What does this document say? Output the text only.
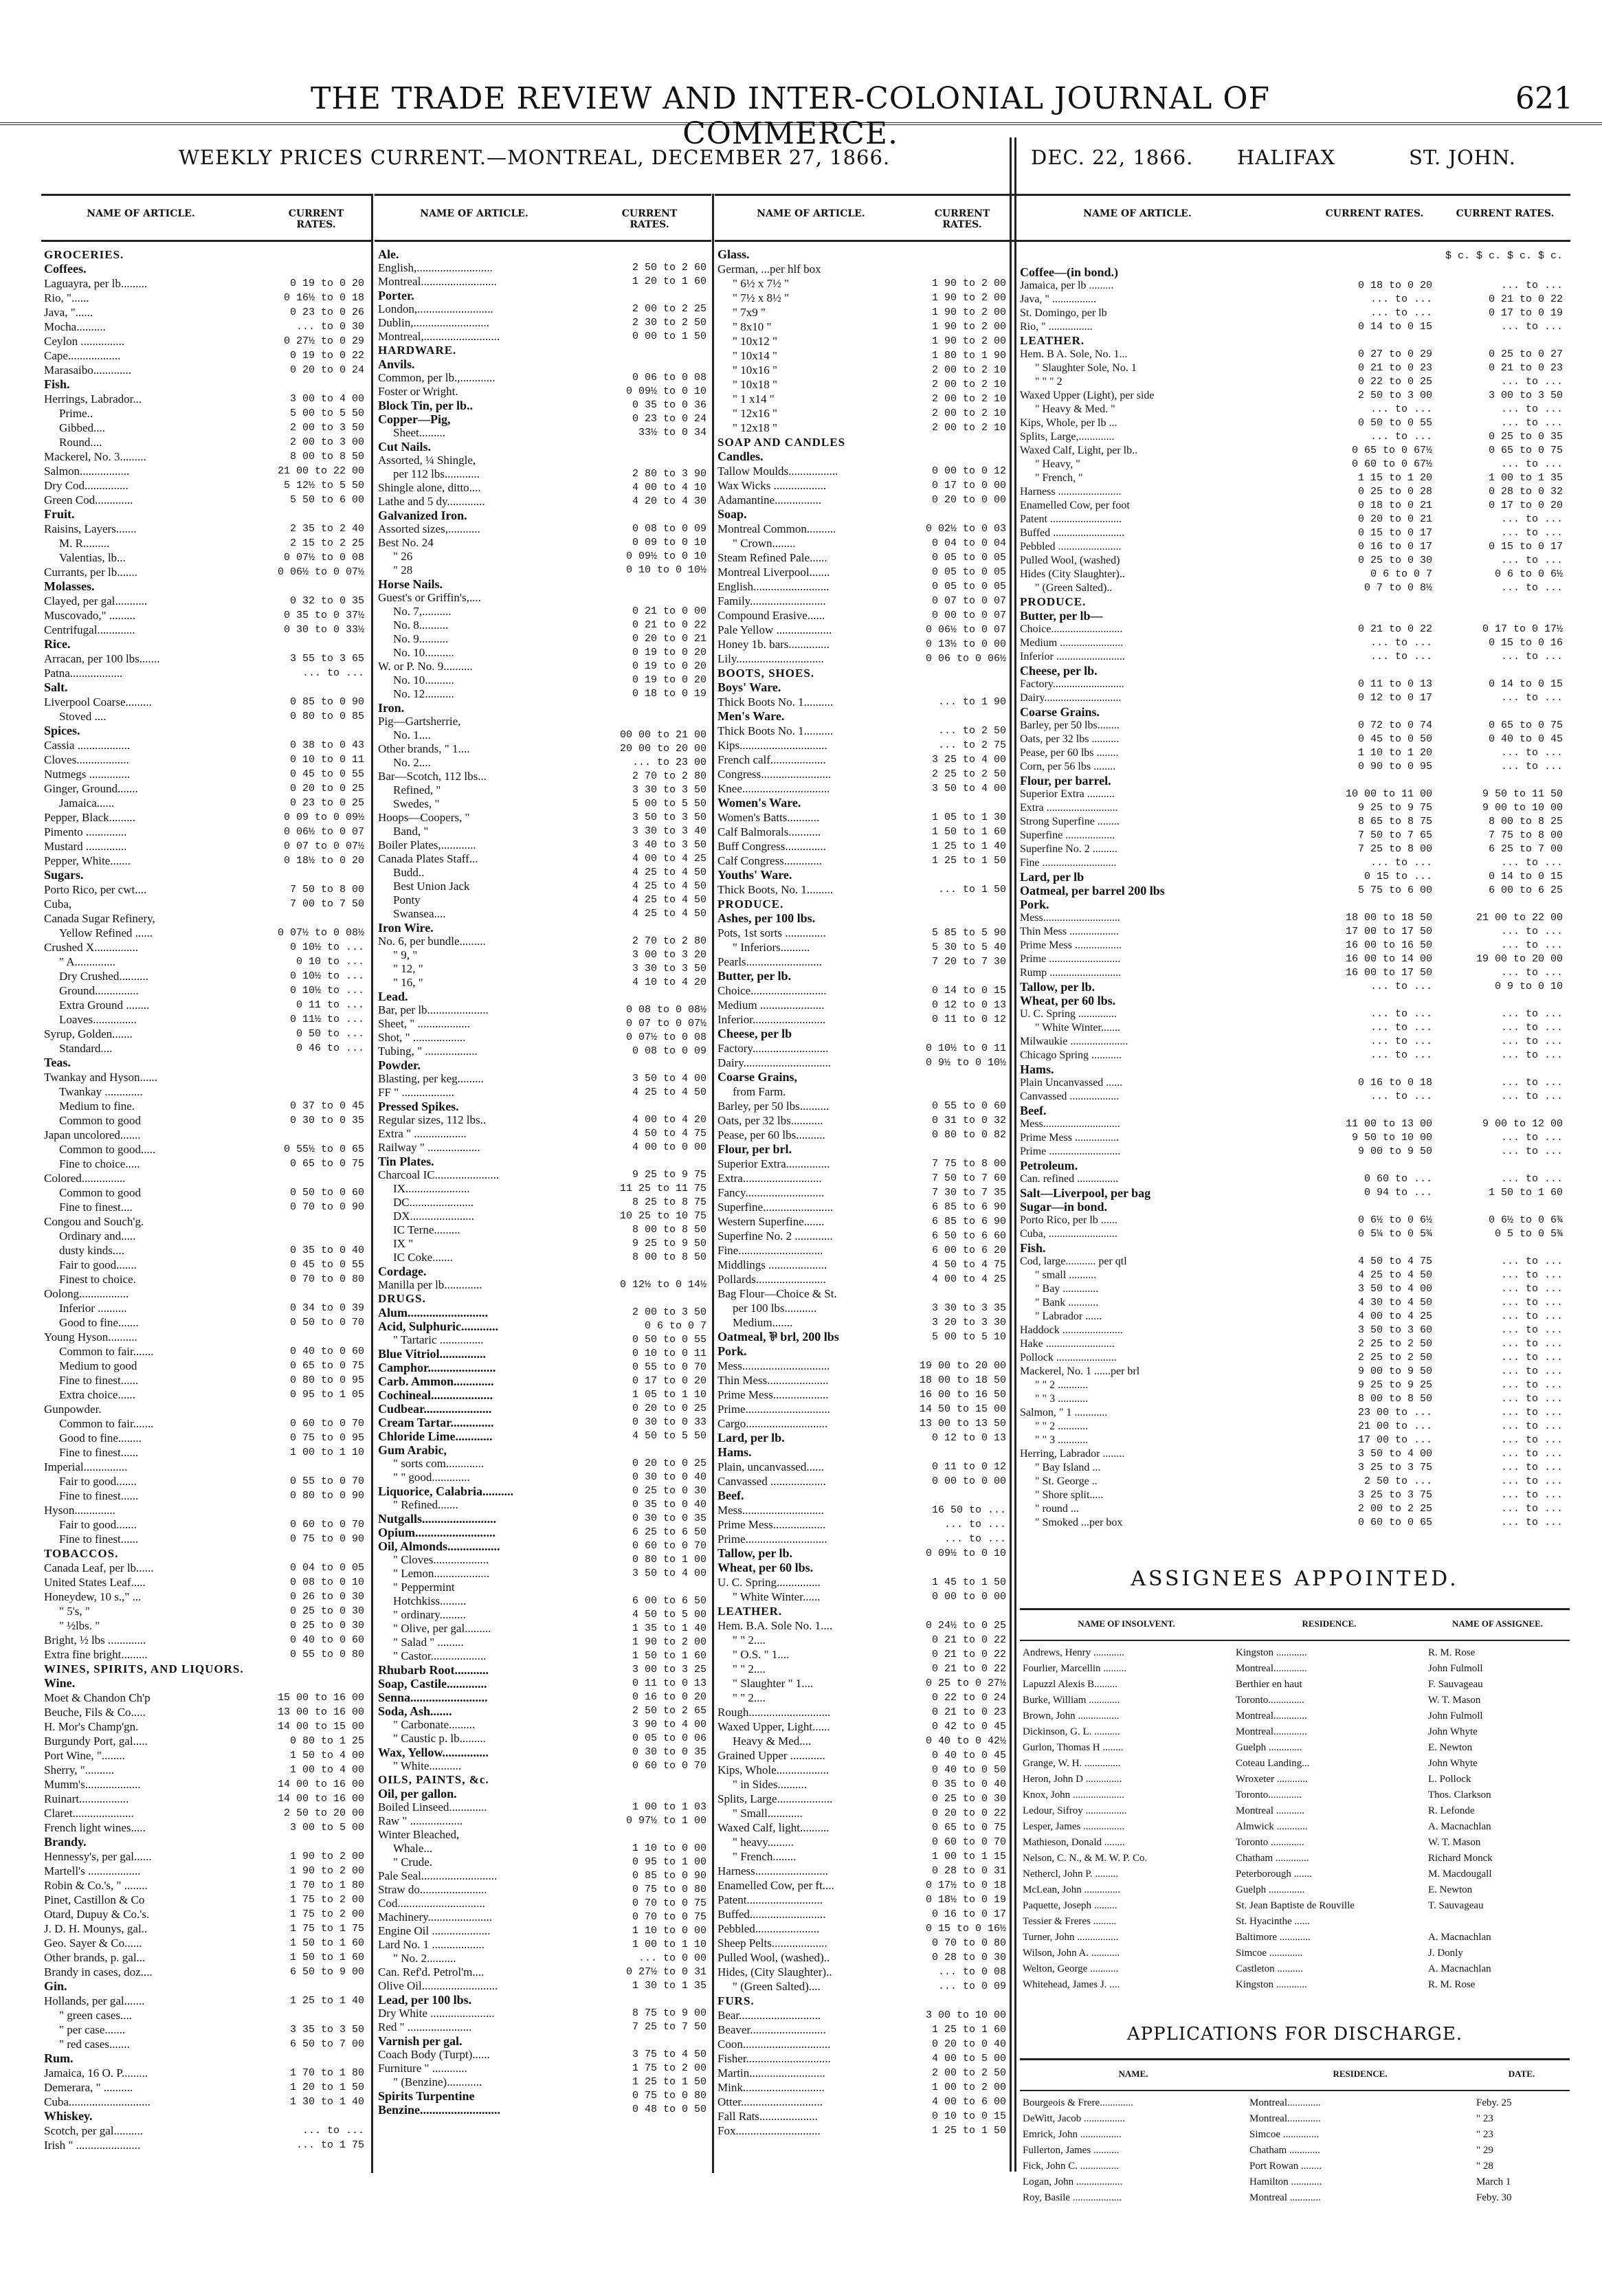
THE TRADE REVIEW AND INTER-COLONIAL JOURNAL OF COMMERCE.
621
WEEKLY PRICES CURRENT.—MONTREAL, DECEMBER 27, 1866.	DEC. 22, 1866. HALIFAX	ST. JOHN.
NAME OF ARTICLE.	CURRENT RATES.
NAME OF ARTICLE.	CURRENT RATES.
NAME OF ARTICLE.	CURRENT RATES.
NAME OF ARTICLE.	CURRENT RATES.	CURRENT RATES.
GROCERIES.
Coffees.
Laguayra, per lb.........	0 19 to 0 20
Rio, "......	0 16½ to 0 18
Java, "......	0 23 to 0 26
Mocha..........	... to 0 30
Ceylon ...............	0 27½ to 0 29
Cape..................	0 19 to 0 22
Marasaibo.............	0 20 to 0 24
Fish.
Herrings, Labrador...	3 00 to 4 00
Prime..	5 00 to 5 50
Gibbed....	2 00 to 3 50
Round....	2 00 to 3 00
Mackerel, No. 3.........	8 00 to 8 50
Salmon.................	21 00 to 22 00
Dry Cod...............	5 12½ to 5 50
Green Cod.............	5 50 to 6 00
Fruit.
Raisins, Layers.......	2 35 to 2 40
M. R.........	2 15 to 2 25
Valentias, lb...	0 07½ to 0 08
Currants, per lb.......	0 06½ to 0 07½
Molasses.
Clayed, per gal...........	0 32 to 0 35
Muscovado," .........	0 35 to 0 37½
Centrifugal.............	0 30 to 0 33½
Rice.
Arracan, per 100 lbs.......	3 55 to 3 65
Patna..................	... to ...
Salt.
Liverpool Coarse.........	0 85 to 0 90
Stoved ....	0 80 to 0 85
Spices.
Cassia ..................	0 38 to 0 43
Cloves..................	0 10 to 0 11
Nutmegs ..............	0 45 to 0 55
Ginger, Ground.......	0 20 to 0 25
Jamaica......	0 23 to 0 25
Pepper, Black.........	0 09 to 0 09½
Pimento ..............	0 06½ to 0 07
Mustard ..............	0 07 to 0 07½
Pepper, White.......	0 18½ to 0 20
Sugars.
Porto Rico, per cwt....	7 50 to 8 00
Cuba,	7 00 to 7 50
Canada Sugar Refinery,
Yellow Refined ......	0 07½ to 0 08½
Crushed X...............	0 10½ to ...
" A..............	0 10 to ...
Dry Crushed..........	0 10½ to ...
Ground...............	0 10½ to ...
Extra Ground ........	0 11 to ...
Loaves...............	0 11½ to ...
Syrup, Golden.......	0 50 to ...
Standard....	0 46 to ...
Teas.
Twankay and Hyson......
Twankay .............
Medium to fine.	0 37 to 0 45
Common to good	0 30 to 0 35
Japan uncolored.......
Common to good.....	0 55½ to 0 65
Fine to choice.....	0 65 to 0 75
Colored...............
Common to good	0 50 to 0 60
Fine to finest....	0 70 to 0 90
Congou and Souch'g.
Ordinary and.....
dusty kinds....	0 35 to 0 40
Fair to good.......	0 45 to 0 55
Finest to choice.	0 70 to 0 80
Oolong.................
Inferior ..........	0 34 to 0 39
Good to fine.......	0 50 to 0 70
Young Hyson..........
Common to fair.......	0 40 to 0 60
Medium to good	0 65 to 0 75
Fine to finest......	0 80 to 0 95
Extra choice......	0 95 to 1 05
Gunpowder.
Common to fair.......	0 60 to 0 70
Good to fine........	0 75 to 0 95
Fine to finest......	1 00 to 1 10
Imperial...............
Fair to good.......	0 55 to 0 70
Fine to finest......	0 80 to 0 90
Hyson..............
Fair to good.......	0 60 to 0 70
Fine to finest......	0 75 to 0 90
TOBACCOS.
Canada Leaf, per lb......	0 04 to 0 05
United States Leaf.....	0 08 to 0 10
Honeydew, 10 s.," ...	0 26 to 0 30
" 5's, "	0 25 to 0 30
" ½lbs. "	0 25 to 0 30
Bright, ½ lbs .............	0 40 to 0 60
Extra fine bright.........	0 55 to 0 80
WINES, SPIRITS, AND LIQUORS.
Wine.
Moet & Chandon Ch'p	15 00 to 16 00
Beuche, Fils & Co.....	13 00 to 16 00
H. Mor's Champ'gn.	14 00 to 15 00
Burgundy Port, gal.....	0 80 to 1 25
Port Wine, "........	1 50 to 4 00
Sherry, "..........	1 00 to 4 00
Mumm's...................	14 00 to 16 00
Ruinart.................	14 00 to 16 00
Claret.....................	2 50 to 20 00
French light wines.....	3 00 to 5 00
Brandy.
Hennessy's, per gal......	1 90 to 2 00
Martell's ..................	1 90 to 2 00
Robin & Co.'s, " ........	1 70 to 1 80
Pinet, Castillon & Co	1 75 to 2 00
Otard, Dupuy & Co.'s.	1 75 to 2 00
J. D. H. Mounys, gal..	1 75 to 1 75
Geo. Sayer & Co......	1 50 to 1 60
Other brands, p. gal...	1 50 to 1 60
Brandy in cases, doz....	6 50 to 9 00
Gin.
Hollands, per gal.......	1 25 to 1 40
" green cases....
" per case.......	3 35 to 3 50
" red cases.......	6 50 to 7 00
Rum.
Jamaica, 16 O. P.........	1 70 to 1 80
Demerara, " ..........	1 20 to 1 50
Cuba............................	1 30 to 1 40
Whiskey.
Scotch, per gal..........	... to ...
Irish " ......................	... to 1 75
Ale.
English,..........................	2 50 to 2 60
Montreal..........................	1 20 to 1 60
Porter.
London,..........................	2 00 to 2 25
Dublin,..........................	2 30 to 2 50
Montreal,..........................	0 00 to 1 50
HARDWARE.
Anvils.
Common, per lb.,............	0 06 to 0 08
Foster or Wright.	0 09½ to 0 10
Block Tin, per lb..	0 35 to 0 36
Copper—Pig,	0 23 to 0 24
Sheet.........	33½ to 0 34
Cut Nails.
Assorted, ¼ Shingle,
per 112 lbs............	2 80 to 3 90
Shingle alone, ditto....	4 00 to 4 10
Lathe and 5 dy.............	4 20 to 4 30
Galvanized Iron.
Assorted sizes,...........	0 08 to 0 09
Best No. 24	0 09 to 0 10
" 26	0 09½ to 0 10
" 28	0 10 to 0 10½
Horse Nails.
Guest's or Griffin's,....
No. 7,..........	0 21 to 0 00
No. 8..........	0 21 to 0 22
No. 9..........	0 20 to 0 21
No. 10..........	0 19 to 0 20
W. or P. No. 9..........	0 19 to 0 20
No. 10..........	0 19 to 0 20
No. 12..........	0 18 to 0 19
Iron.
Pig—Gartsherrie,
No. 1....	00 00 to 21 00
Other brands, " 1....	20 00 to 20 00
No. 2....	... to 23 00
Bar—Scotch, 112 lbs...	2 70 to 2 80
Refined, "	3 30 to 3 50
Swedes, "	5 00 to 5 50
Hoops—Coopers, "	3 50 to 3 50
Band, "	3 30 to 3 40
Boiler Plates,............	3 40 to 3 50
Canada Plates Staff...	4 00 to 4 25
Budd..	4 25 to 4 50
Best Union Jack	4 25 to 4 50
Ponty	4 25 to 4 50
Swansea....	4 25 to 4 50
Iron Wire.
No. 6, per bundle.........	2 70 to 2 80
" 9, "	3 00 to 3 20
" 12, "	3 30 to 3 50
" 16, "	4 10 to 4 20
Lead.
Bar, per lb.....................	0 08 to 0 08½
Sheet, " ..................	0 07 to 0 07½
Shot, " ..................	0 07½ to 0 08
Tubing, " ..................	0 08 to 0 09
Powder.
Blasting, per keg.........	3 50 to 4 00
FF " ..................	4 25 to 4 50
Pressed Spikes.
Regular sizes, 112 lbs..	4 00 to 4 20
Extra " ..................	4 50 to 4 75
Railway " ..................	4 00 to 0 00
Tin Plates.
Charcoal IC......................	9 25 to 9 75
IX......................	11 25 to 11 75
DC......................	8 25 to 8 75
DX......................	10 25 to 10 75
IC Terne.........	8 00 to 8 50
IX "	9 25 to 9 50
IC Coke.......	8 00 to 8 50
Cordage.
Manilla per lb.............	0 12½ to 0 14½
DRUGS.
Alum..........................	2 00 to 3 50
Acid, Sulphuric............	0 6 to 0 7
" Tartaric ...............	0 50 to 0 55
Blue Vitriol...............	0 10 to 0 11
Camphor......................	0 55 to 0 70
Carb. Ammon.............	0 17 to 0 20
Cochineal....................	1 05 to 1 10
Cudbear......................	0 20 to 0 25
Cream Tartar..............	0 30 to 0 33
Chloride Lime............	4 50 to 5 50
Gum Arabic,
" sorts com.............	0 20 to 0 25
" " good.............	0 30 to 0 40
Liquorice, Calabria..........	0 25 to 0 30
" Refined.......	0 35 to 0 40
Nutgalls........................	0 30 to 0 35
Opium..........................	6 25 to 6 50
Oil, Almonds.................	0 60 to 0 70
" Cloves...................	0 80 to 1 00
" Lemon...................	3 50 to 4 00
" Peppermint
Hotchkiss.........	6 00 to 6 50
" ordinary.........	4 50 to 5 00
" Olive, per gal.........	1 35 to 1 40
" Salad " .........	1 90 to 2 00
" Castor...................	1 50 to 1 60
Rhubarb Root...........	3 00 to 3 25
Soap, Castile.............	0 11 to 0 13
Senna.........................	0 16 to 0 20
Soda, Ash.......	2 50 to 2 65
" Carbonate.........	3 90 to 4 00
" Caustic p. lb.........	0 05 to 0 06
Wax, Yellow...............	0 30 to 0 35
" White...........	0 60 to 0 70
OILS, PAINTS, &c.
Oil, per gallon.
Boiled Linseed.............	1 00 to 1 03
Raw " ..................	0 97½ to 1 00
Winter Bleached,
Whale...	1 10 to 0 00
" Crude.	0 95 to 1 00
Pale Seal..........................	0 85 to 0 90
Straw do.......................	0 75 to 0 80
Cod..............................	0 70 to 0 75
Machinery......................	0 70 to 0 75
Engine Oil ....................	1 10 to 0 00
Lard No. 1 ..................	1 00 to 1 10
" No. 2..........	... to 0 00
Can. Ref'd. Petrol'm....	0 27½ to 0 31
Olive Oil..........................	1 30 to 1 35
Lead, per 100 lbs.
Dry White ......................	8 75 to 9 00
Red " ......................	7 25 to 7 50
Varnish per gal.
Coach Body (Turpt)......	3 75 to 4 50
Furniture " ............	1 75 to 2 00
" (Benzine)............	1 25 to 1 50
Spirits Turpentine	0 75 to 0 80
Benzine..........................	0 48 to 0 50
Glass.
German, ...per hlf box
" 6½ x 7½ "	1 90 to 2 00
" 7½ x 8½ "	1 90 to 2 00
" 7x9 "	1 90 to 2 00
" 8x10 "	1 90 to 2 00
" 10x12 "	1 90 to 2 00
" 10x14 "	1 80 to 1 90
" 10x16 "	2 00 to 2 10
" 10x18 "	2 00 to 2 10
" 1 x14 "	2 00 to 2 10
" 12x16 "	2 00 to 2 10
" 12x18 "	2 00 to 2 10
SOAP AND CANDLES
Candles.
Tallow Moulds.................	0 00 to 0 12
Wax Wicks ..................	0 17 to 0 00
Adamantine................	0 20 to 0 00
Soap.
Montreal Common..........	0 02½ to 0 03
" Crown........	0 04 to 0 04
Steam Refined Pale......	0 05 to 0 05
Montreal Liverpool.......	0 05 to 0 05
English..........................	0 05 to 0 05
Family..........................	0 07 to 0 07
Compound Erasive......	0 00 to 0 07
Pale Yellow ...................	0 06½ to 0 07
Honey 1b. bars..............	0 13½ to 0 00
Lily..............................	0 06 to 0 06½
BOOTS, SHOES.
Boys' Ware.
Thick Boots No. 1..........	... to 1 90
Men's Ware.
Thick Boots No. 1..........	... to 2 50
Kips..............................	... to 2 75
French calf...................	3 25 to 4 00
Congress........................	2 25 to 2 50
Knee..............................	3 50 to 4 00
Women's Ware.
Women's Batts...........	1 05 to 1 30
Calf Balmorals...........	1 50 to 1 60
Buff Congress..............	1 25 to 1 40
Calf Congress.............	1 25 to 1 50
Youths' Ware.
Thick Boots, No. 1.........	... to 1 50
PRODUCE.
Ashes, per 100 lbs.
Pots, 1st sorts ..............	5 85 to 5 90
" Inferiors..........	5 30 to 5 40
Pearls..........................	7 20 to 7 30
Butter, per lb.
Choice..........................	0 14 to 0 15
Medium ......................	0 12 to 0 13
Inferior.........................	0 11 to 0 12
Cheese, per lb
Factory..........................	0 10½ to 0 11
Dairy..............................	0 9½ to 0 10½
Coarse Grains,
from Farm.
Barley, per 50 lbs..........	0 55 to 0 60
Oats, per 32 lbs...........	0 31 to 0 32
Pease, per 60 lbs..........	0 80 to 0 82
Flour, per brl.
Superior Extra...............	7 75 to 8 00
Extra...........................	7 50 to 7 60
Fancy...........................	7 30 to 7 35
Superfine........................	6 85 to 6 90
Western Superfine.......	6 85 to 6 90
Superfine No. 2 .............	6 50 to 6 60
Fine.............................	6 00 to 6 20
Middlings ....................	4 50 to 4 75
Pollards........................	4 00 to 4 25
Bag Flour—Choice & St.
per 100 lbs...........	3 30 to 3 35
Medium.......	3 20 to 3 30
Oatmeal, ⅌ brl, 200 lbs	5 00 to 5 10
Pork.
Mess..............................	19 00 to 20 00
Thin Mess.....................	18 00 to 18 50
Prime Mess...................	16 00 to 16 50
Prime.............................	14 50 to 15 00
Cargo............................	13 00 to 13 50
Lard, per lb.	0 12 to 0 13
Hams.
Plain, uncanvassed......	0 11 to 0 12
Canvassed ...................	0 00 to 0 00
Beef.
Mess............................	16 50 to ...
Prime Mess..................	... to ...
Prime............................	... to ...
Tallow, per lb.	0 09½ to 0 10
Wheat, per 60 lbs.
U. C. Spring...............	1 45 to 1 50
" White Winter......	0 00 to 0 00
LEATHER.
Hem. B.A. Sole No. 1....	0 24½ to 0 25
" " 2....	0 21 to 0 22
" O.S. " 1....	0 21 to 0 22
" " 2....	0 21 to 0 22
" Slaughter " 1....	0 25 to 0 27½
" " 2....	0 22 to 0 24
Rough............................	0 21 to 0 23
Waxed Upper, Light......	0 42 to 0 45
Heavy & Med....	0 40 to 0 42½
Grained Upper ............	0 40 to 0 45
Kips, Whole..................	0 40 to 0 50
" in Sides..........	0 35 to 0 40
Splits, Large...................	0 25 to 0 30
" Small............	0 20 to 0 22
Waxed Calf, light..........	0 65 to 0 75
" heavy.........	0 60 to 0 70
" French........	1 00 to 1 15
Harness.........................	0 28 to 0 31
Enamelled Cow, per ft....	0 17½ to 0 18
Patent..........................	0 18½ to 0 19
Buffed..........................	0 16 to 0 17
Pebbled......................	0 15 to 0 16½
Sheep Pelts...................	0 70 to 0 80
Pulled Wool, (washed)..	0 28 to 0 30
Hides, (City Slaughter)..	... to 0 08
" (Green Salted)....	... to 0 09
FURS.
Bear............................	3 00 to 10 00
Beaver..........................	1 25 to 1 60
Coon..............................	0 20 to 0 40
Fisher.............................	4 00 to 5 00
Martin..........................	2 00 to 2 50
Mink............................	1 00 to 2 00
Otter............................	4 00 to 6 00
Fall Rats....................	0 10 to 0 15
Fox.............................	1 25 to 1 50
$ c. $ c. $ c. $ c.
Coffee—(in bond.)
Jamaica, per lb .........	0 18 to 0 20	... to ...
Java, " ................	... to ...	0 21 to 0 22
St. Domingo, per lb	... to ...	0 17 to 0 19
Rio, " ................	0 14 to 0 15	... to ...
LEATHER.
Hem. B A. Sole, No. 1...	0 27 to 0 29	0 25 to 0 27
" Slaughter Sole, No. 1	0 21 to 0 23	0 21 to 0 23
" " " 2	0 22 to 0 25	... to ...
Waxed Upper (Light), per side	2 50 to 3 00	3 00 to 3 50
" Heavy & Med. "	... to ...	... to ...
Kips, Whole, per lb ...	0 50 to 0 55	... to ...
Splits, Large,.............	... to ...	0 25 to 0 35
Waxed Calf, Light, per lb..	0 65 to 0 67½	0 65 to 0 75
" Heavy, "	0 60 to 0 67½	... to ...
" French, "	1 15 to 1 20	1 00 to 1 35
Harness .......................	0 25 to 0 28	0 28 to 0 32
Enamelled Cow, per foot	0 18 to 0 21	0 17 to 0 20
Patent ..........................	0 20 to 0 21	... to ...
Buffed ..........................	0 15 to 0 17	... to ...
Pebbled .......................	0 16 to 0 17	0 15 to 0 17
Pulled Wool, (washed)	0 25 to 0 30	... to ...
Hides (City Slaughter)..	0 6 to 0 7	0 6 to 0 6½
" (Green Salted)..	0 7 to 0 8½	... to ...
PRODUCE.
Butter, per lb—
Choice..........................	0 21 to 0 22	0 17 to 0 17½
Medium .......................	... to ...	0 15 to 0 16
Inferior .........................	... to ...	... to ...
Cheese, per lb.
Factory..........................	0 11 to 0 13	0 14 to 0 15
Dairy............................	0 12 to 0 17	... to ...
Coarse Grains.
Barley, per 50 lbs........	0 72 to 0 74	0 65 to 0 75
Oats, per 32 lbs ..........	0 45 to 0 50	0 40 to 0 45
Pease, per 60 lbs ........	1 10 to 1 20	... to ...
Corn, per 56 lbs ........	0 90 to 0 95	... to ...
Flour, per barrel.
Superior Extra ..........	10 00 to 11 00	9 50 to 11 50
Extra ..........................	9 25 to 9 75	9 00 to 10 00
Strong Superfine ........	8 65 to 8 75	8 00 to 8 25
Superfine ..................	7 50 to 7 65	7 75 to 8 00
Superfine No. 2 .........	7 25 to 8 00	6 25 to 7 00
Fine ...........................	... to ...	... to ...
Lard, per lb	0 15 to ...	0 14 to 0 15
Oatmeal, per barrel 200 lbs	5 75 to 6 00	6 00 to 6 25
Pork.
Mess............................	18 00 to 18 50	21 00 to 22 00
Thin Mess ..................	17 00 to 17 50	... to ...
Prime Mess .................	16 00 to 16 50	... to ...
Prime ..........................	16 00 to 14 00	19 00 to 20 00
Rump ..........................	16 00 to 17 50	... to ...
Tallow, per lb.	... to ...	0 9 to 0 10
Wheat, per 60 lbs.
U. C. Spring ..............	... to ...	... to ...
" White Winter.......	... to ...	... to ...
Milwaukie .....................	... to ...	... to ...
Chicago Spring ...........	... to ...	... to ...
Hams.
Plain Uncanvassed ......	0 16 to 0 18	... to ...
Canvassed ..................	... to ...	... to ...
Beef.
Mess............................	11 00 to 13 00	9 00 to 12 00
Prime Mess ................	9 50 to 10 00	... to ...
Prime ..........................	9 00 to 9 50	... to ...
Petroleum.
Can. refined ...............	0 60 to ...	... to ...
Salt—Liverpool, per bag	0 94 to ...	1 50 to 1 60
Sugar—in bond.
Porto Rico, per lb ......	0 6½ to 0 6½	0 6½ to 0 6¾
Cuba, .........................	0 5¼ to 0 5¾	0 5 to 0 5¾
Fish.
Cod, large........... per qtl	4 50 to 4 75	... to ...
" small ..........	4 25 to 4 50	... to ...
" Bay .............	3 50 to 4 00	... to ...
" Bank ...........	4 30 to 4 50	... to ...
" Labrador ......	4 00 to 4 25	... to ...
Haddock ......................	3 50 to 3 60	... to ...
Hake .........................	2 25 to 2 50	... to ...
Pollock ......................	2 25 to 2 50	... to ...
Mackerel, No. 1 ......per brl	9 00 to 9 50	... to ...
" " 2 ...........	9 25 to 9 25	... to ...
" " 3 ...........	8 00 to 8 50	... to ...
Salmon, " 1 ............	23 00 to ...	... to ...
" " 2 ...........	21 00 to ...	... to ...
" " 3 ...........	17 00 to ...	... to ...
Herring, Labrador ........	3 50 to 4 00	... to ...
" Bay Island ...	3 25 to 3 75	... to ...
" St. George ..	2 50 to ...	... to ...
" Shore split.....	3 25 to 3 75	... to ...
" round ...	2 00 to 2 25	... to ...
" Smoked ...per box	0 60 to 0 65	... to ...
ASSIGNEES APPOINTED.
NAME OF INSOLVENT.	RESIDENCE.	NAME OF ASSIGNEE.
Andrews, Henry ............	Kingston ............	R. M. Rose
Fourlier, Marcellin .........	Montreal.............	John Fulmoll
Lapuzzl Alexis B.........	Berthier en haut	F. Sauvageau
Burke, William ............	Toronto..............	W. T. Mason
Brown, John ................	Montreal.............	John Fulmoll
Dickinson, G. L. ..........	Montreal.............	John Whyte
Gurlon, Thomas H ........	Guelph .............	E. Newton
Grange, W. H. ..............	Coteau Landing...	John Whyte
Heron, John D ..............	Wroxeter ............	L. Pollock
Knox, John ....................	Toronto.............	Thos. Clarkson
Ledour, Sifroy ................	Montreal ...........	R. Lefonde
Lesper, James ................	Almwick ............	A. Macnachlan
Mathieson, Donald ........	Toronto .............	W. T. Mason
Nelson, C. N., & M. W. P. Co.	Chatham .............	Richard Monck
Nethercl, John P. .........	Peterborough .......	M. Macdougall
McLean, John ..............	Guelph ..............	E. Newton
Paquette, Joseph .........	St. Jean Baptiste de Rouville	T. Sauvageau
Tessier & Freres .........	St. Hyacinthe ......
Turner, John ................	Baltimore ............	A. Macnachlan
Wilson, John A. ...........	Simcoe .............	J. Donly
Welton, George ...........	Castleton ..........	A. Macnachlan
Whitehead, James J. ....	Kingston ............	R. M. Rose
APPLICATIONS FOR DISCHARGE.
NAME.	RESIDENCE.	DATE.
Bourgeois & Frere.............	Montreal.............	Feby. 25
DeWitt, Jacob ................	Montreal.............	" 23
Emrick, John ................	Simcoe ..............	" 23
Fullerton, James ..........	Chatham ............	" 29
Fick, John C. ...............	Port Rowan ........	" 28
Logan, John ..................	Hamilton ............	March 1
Roy, Basile ...................	Montreal ............	Feby. 30
